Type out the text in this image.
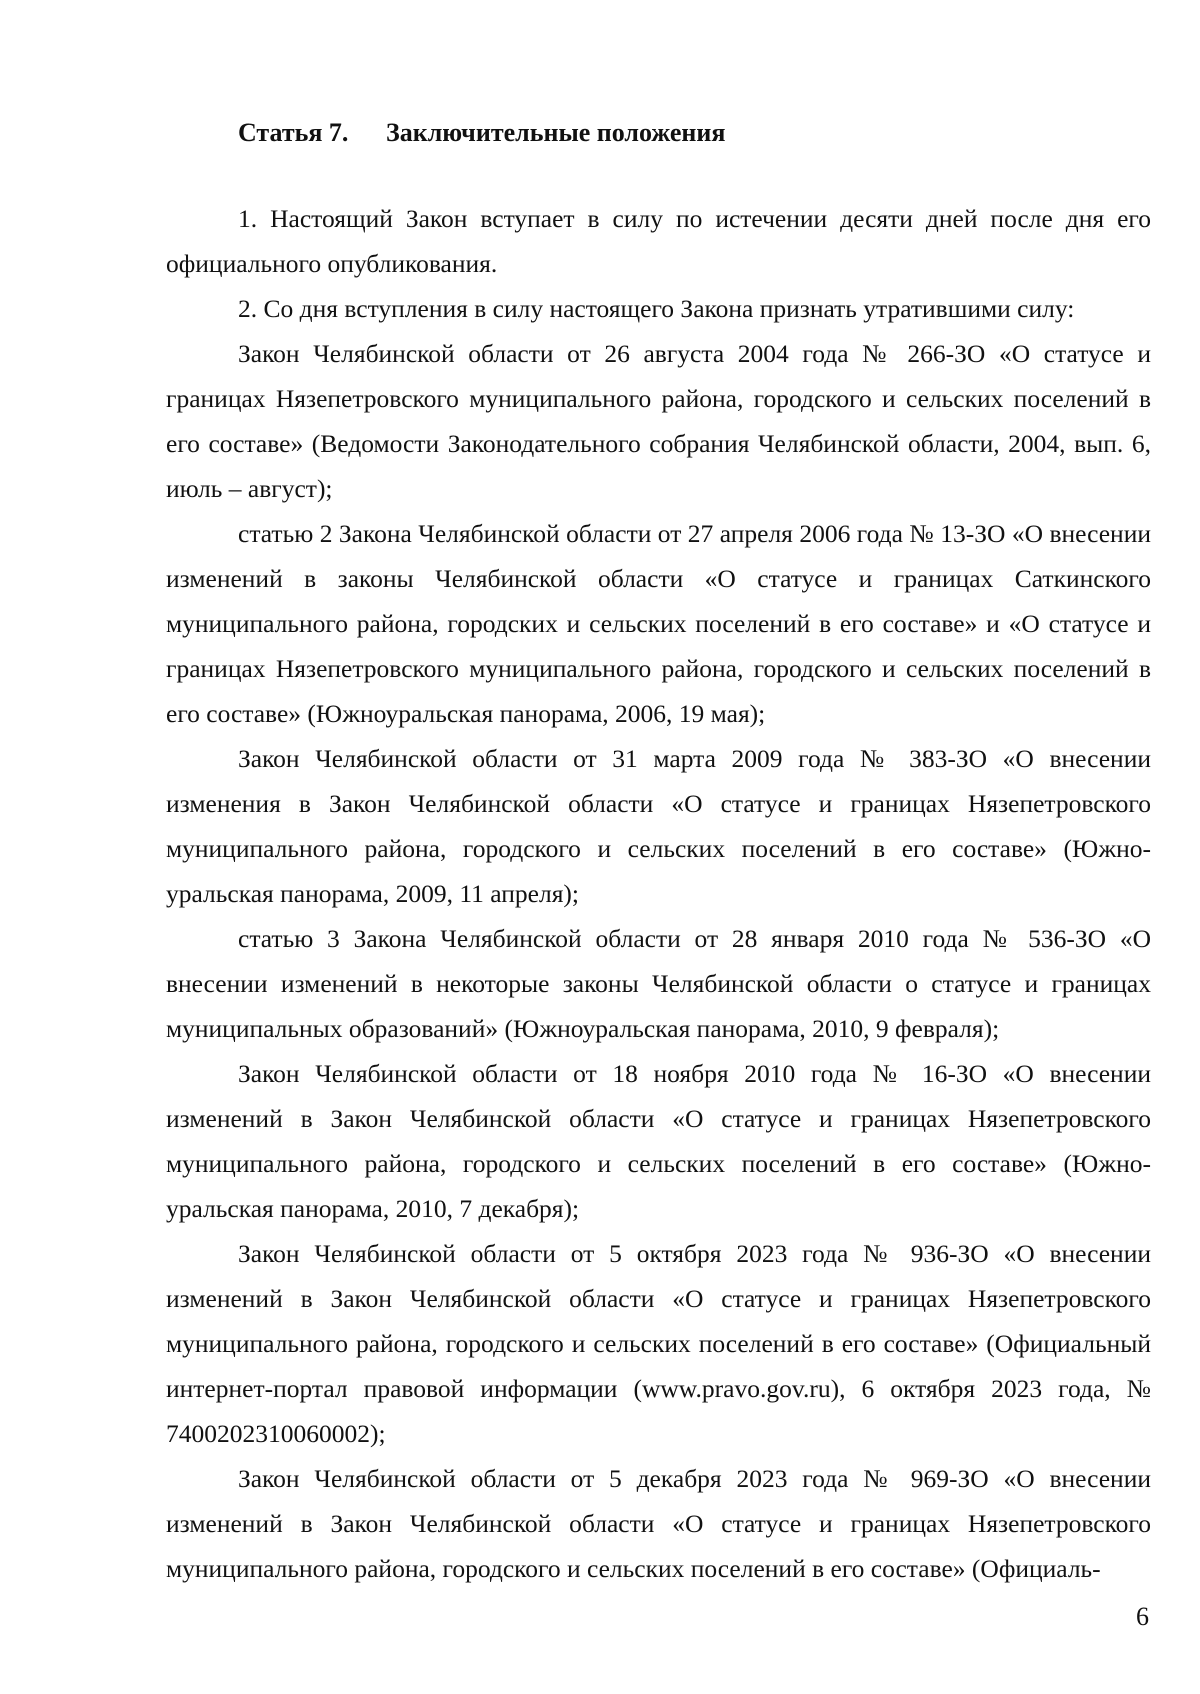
Статья 7. Заключительные положения

1. Настоящий Закон вступает в силу по истечении десяти дней после дня его официального опубликования.

2. Со дня вступления в силу настоящего Закона признать утратившими силу:

Закон Челябинской области от 26 августа 2004 года № 266-ЗО «О статусе и границах Нязепетровского муниципального района, городского и сельских поселений в его составе» (Ведомости Законодательного собрания Челябинской области, 2004, вып. 6, июль – август);

статью 2 Закона Челябинской области от 27 апреля 2006 года № 13-ЗО «О внесении изменений в законы Челябинской области «О статусе и границах Саткинского муниципального района, городских и сельских поселений в его составе» и «О статусе и границах Нязепетровского муниципального района, городского и сельских поселений в его составе» (Южноуральская панорама, 2006, 19 мая);

Закон Челябинской области от 31 марта 2009 года № 383-ЗО «О внесении изменения в Закон Челябинской области «О статусе и границах Нязепетровского муниципального района, городского и сельских поселений в его составе» (Южноуральская панорама, 2009, 11 апреля);

статью 3 Закона Челябинской области от 28 января 2010 года № 536-ЗО «О внесении изменений в некоторые законы Челябинской области о статусе и границах муниципальных образований» (Южноуральская панорама, 2010, 9 февраля);

Закон Челябинской области от 18 ноября 2010 года № 16-ЗО «О внесении изменений в Закон Челябинской области «О статусе и границах Нязепетровского муниципального района, городского и сельских поселений в его составе» (Южноуральская панорама, 2010, 7 декабря);

Закон Челябинской области от 5 октября 2023 года № 936-ЗО «О внесении изменений в Закон Челябинской области «О статусе и границах Нязепетровского муниципального района, городского и сельских поселений в его составе» (Официальный интернет-портал правовой информации (www.pravo.gov.ru), 6 октября 2023 года, № 7400202310060002);

Закон Челябинской области от 5 декабря 2023 года № 969-ЗО «О внесении изменений в Закон Челябинской области «О статусе и границах Нязепетровского муниципального района, городского и сельских поселений в его составе» (Официаль-

6
